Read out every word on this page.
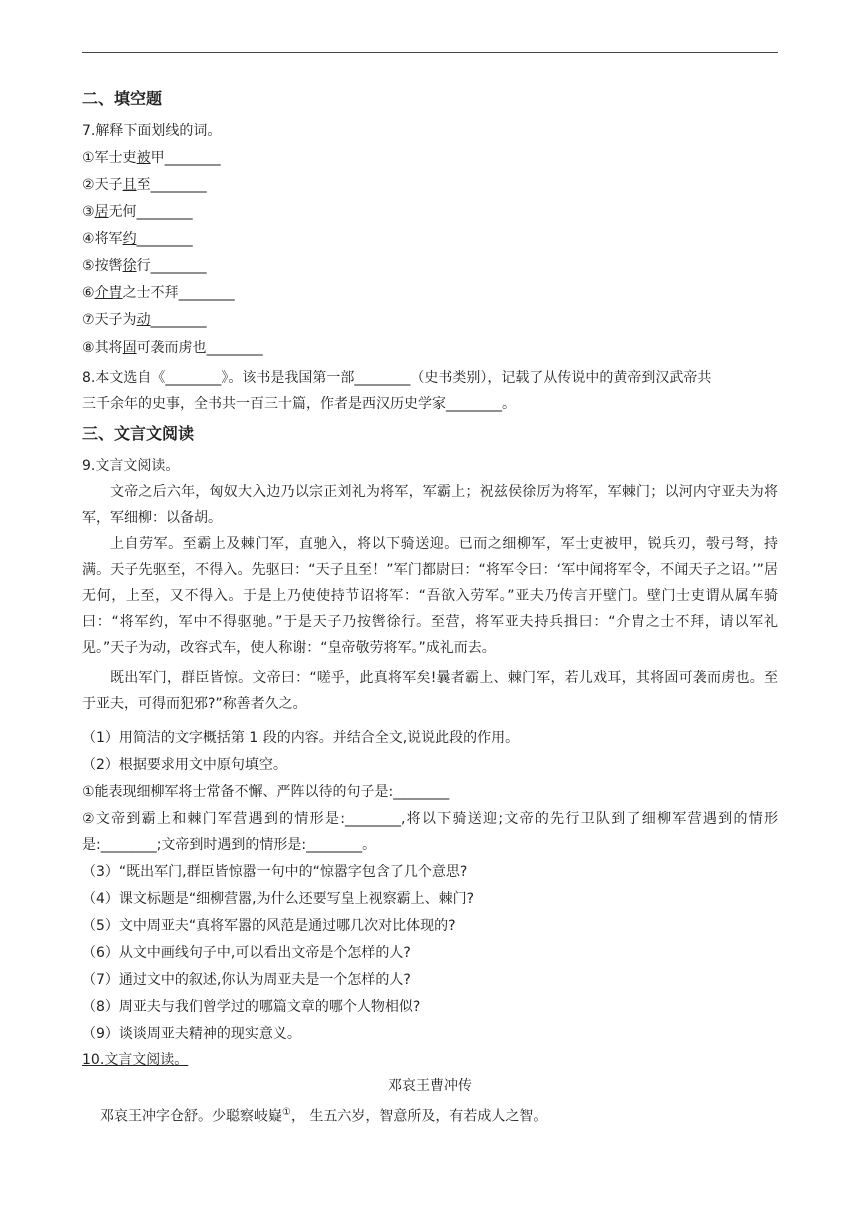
二、填空题
7.解释下面划线的词。
①军士吏被甲________
②天子且至________
③居无何________
④将军约________
⑤按辔徐行________
⑥介胄之士不拜________
⑦天子为动________
⑧其将固可袭而虏也________
8.本文选自《________》。该书是我国第一部________（史书类别），记载了从传说中的黄帝到汉武帝共
三千余年的史事，全书共一百三十篇，作者是西汉历史学家________。
三、文言文阅读
9.文言文阅读。
文帝之后六年，匈奴大入边乃以宗正刘礼为将军，军霸上；祝兹侯徐厉为将军，军棘门；以河内守亚夫为将军，军细柳：以备胡。
上自劳军。至霸上及棘门军，直驰入，将以下骑送迎。已而之细柳军，军士吏被甲，锐兵刃，彀弓弩，持满。天子先驱至，不得入。先驱曰：“天子且至！”军门都尉曰：“将军令曰：‘军中闻将军令，不闻天子之诏。’”居无何，上至，又不得入。于是上乃使使持节诏将军：“吾欲入劳军。”亚夫乃传言开壁门。壁门士吏谓从属车骑曰：“将军约，军中不得驱驰。”于是天子乃按辔徐行。至营，将军亚夫持兵揖曰：“介胄之士不拜，请以军礼见。”天子为动，改容式车，使人称谢：“皇帝敬劳将军。”成礼而去。
既出军门，群臣皆惊。文帝曰：“嗟乎，此真将军矣!曩者霸上、棘门军，若儿戏耳，其将固可袭而虏也。至于亚夫，可得而犯邪?”称善者久之。
（1）用简洁的文字概括第 1 段的内容。并结合全文,说说此段的作用。
（2）根据要求用文中原句填空。
①能表现细柳军将士常备不懈、严阵以待的句子是:________
②文帝到霸上和棘门军营遇到的情形是:________,将以下骑送迎;文帝的先行卫队到了细柳军营遇到的情形是:________;文帝到时遇到的情形是:________。
（3）“既出军门,群臣皆惊嚣一句中的“惊嚣字包含了几个意思?
（4）课文标题是“细柳营嚣,为什么还要写皇上视察霸上、棘门?
（5）文中周亚夫“真将军嚣的风范是通过哪几次对比体现的?
（6）从文中画线句子中,可以看出文帝是个怎样的人?
（7）通过文中的叙述,你认为周亚夫是一个怎样的人?
（8）周亚夫与我们曾学过的哪篇文章的哪个人物相似?
（9）谈谈周亚夫精神的现实意义。
10.文言文阅读。
邓哀王曹冲传
邓哀王冲字仓舒。少聪察岐嶷①， 生五六岁，智意所及，有若成人之智。
